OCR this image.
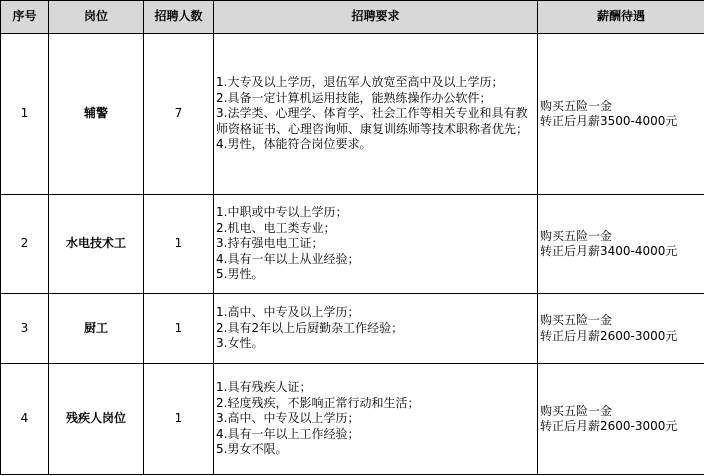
序号	岗位	招聘人数	招聘要求	薪酬待遇
1	辅警	7	1.大专及以上学历，退伍军人放宽至高中及以上学历；
2.具备一定计算机运用技能，能熟练操作办公软件；
3.法学类、心理学、体育学、社会工作等相关专业和具有教师资格证书、心理咨询师、康复训练师等技术职称者优先；
4.男性，体能符合岗位要求。	购买五险一金
转正后月薪3500-4000元

2	水电技术工	1	1.中职或中专以上学历；
2.机电、电工类专业；
3.持有强电电工证；
4.具有一年以上从业经验；
5.男性。	购买五险一金
转正后月薪3400-4000元

3	厨工	1	1.高中、中专及以上学历；
2.具有2年以上后厨勤杂工作经验；
3.女性。	购买五险一金
转正后月薪2600-3000元

4	残疾人岗位	1	1.具有残疾人证；
2.轻度残疾，不影响正常行动和生活；
3.高中、中专及以上学历；
4.具有一年以上工作经验；
5.男女不限。	购买五险一金
转正后月薪2600-3000元
